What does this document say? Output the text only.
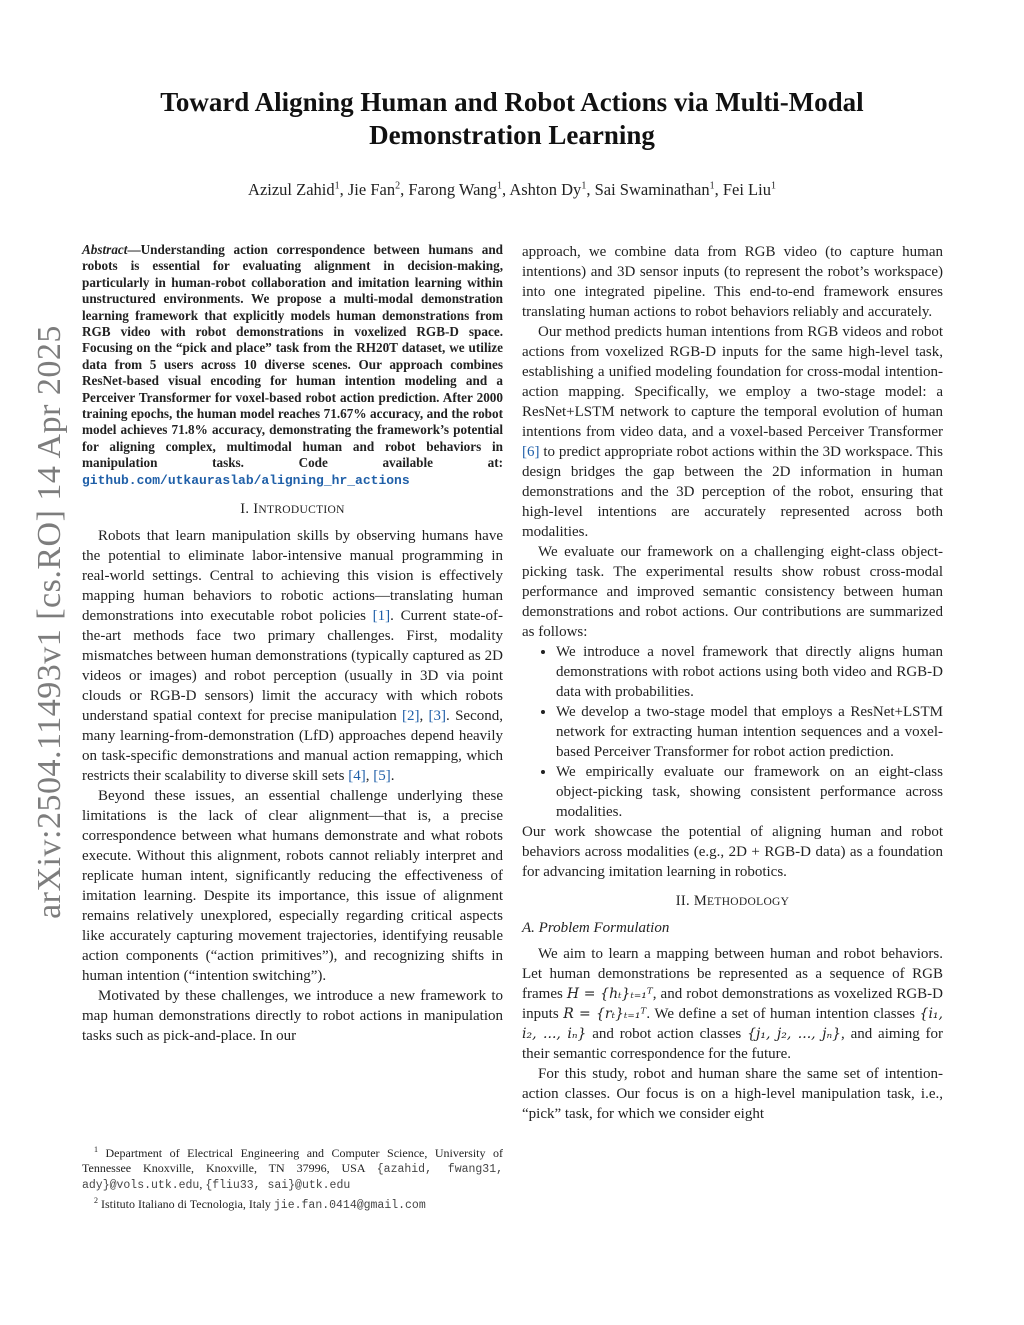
arXiv:2504.11493v1 [cs.RO] 14 Apr 2025
Toward Aligning Human and Robot Actions via Multi-Modal
Demonstration Learning
Azizul Zahid$^1$, Jie Fan$^2$, Farong Wang$^1$, Ashton Dy$^1$, Sai Swaminathan$^1$, Fei Liu$^1$

Abstract—Understanding action correspondence between humans and robots is essential for evaluating alignment in decision-making, particularly in human-robot collaboration and imitation learning within unstructured environments. We propose a multi-modal demonstration learning framework that explicitly models human demonstrations from RGB video with robot demonstrations in voxelized RGB-D space. Focusing on the “pick and place” task from the RH20T dataset, we utilize data from 5 users across 10 diverse scenes. Our approach combines ResNet-based visual encoding for human intention modeling and a Perceiver Transformer for voxel-based robot action prediction. After 2000 training epochs, the human model reaches 71.67% accuracy, and the robot model achieves 71.8% accuracy, demonstrating the framework’s potential for aligning complex, multimodal human and robot behaviors in manipulation tasks. Code available at: github.com/utkauraslab/aligning_hr_actions

I. INTRODUCTION

Robots that learn manipulation skills by observing humans have the potential to eliminate labor-intensive manual programming in real-world settings. Central to achieving this vision is effectively mapping human behaviors to robotic actions—translating human demonstrations into executable robot policies [1]. Current state-of-the-art methods face two primary challenges. First, modality mismatches between human demonstrations (typically captured as 2D videos or images) and robot perception (usually in 3D via point clouds or RGB-D sensors) limit the accuracy with which robots understand spatial context for precise manipulation [2], [3]. Second, many learning-from-demonstration (LfD) approaches depend heavily on task-specific demonstrations and manual action remapping, which restricts their scalability to diverse skill sets [4], [5].

Beyond these issues, an essential challenge underlying these limitations is the lack of clear alignment—that is, a precise correspondence between what humans demonstrate and what robots execute. Without this alignment, robots cannot reliably interpret and replicate human intent, significantly reducing the effectiveness of imitation learning. Despite its importance, this issue of alignment remains relatively unexplored, especially regarding critical aspects like accurately capturing movement trajectories, identifying reusable action components (“action primitives”), and recognizing shifts in human intention (“intention switching”).

Motivated by these challenges, we introduce a new framework to map human demonstrations directly to robot actions in manipulation tasks such as pick-and-place. In our

$^1$ Department of Electrical Engineering and Computer Science, University of Tennessee Knoxville, Knoxville, TN 37996, USA {azahid, fwang31, ady}@vols.utk.edu, {fliu33, sai}@utk.edu

$^2$ Istituto Italiano di Tecnologia, Italy jie.fan.0414@gmail.com

approach, we combine data from RGB video (to capture human intentions) and 3D sensor inputs (to represent the robot’s workspace) into one integrated pipeline. This end-to-end framework ensures translating human actions to robot behaviors reliably and accurately.

Our method predicts human intentions from RGB videos and robot actions from voxelized RGB-D inputs for the same high-level task, establishing a unified modeling foundation for cross-modal intention-action mapping. Specifically, we employ a two-stage model: a ResNet+LSTM network to capture the temporal evolution of human intentions from video data, and a voxel-based Perceiver Transformer [6] to predict appropriate robot actions within the 3D workspace. This design bridges the gap between the 2D information in human demonstrations and the 3D perception of the robot, ensuring that high-level intentions are accurately represented across both modalities.

We evaluate our framework on a challenging eight-class object-picking task. The experimental results show robust cross-modal performance and improved semantic consistency between human demonstrations and robot actions. Our contributions are summarized as follows:

• We introduce a novel framework that directly aligns human demonstrations with robot actions using both video and RGB-D data with probabilities.
• We develop a two-stage model that employs a ResNet+LSTM network for extracting human intention sequences and a voxel-based Perceiver Transformer for robot action prediction.
• We empirically evaluate our framework on an eight-class object-picking task, showing consistent performance across modalities.

Our work showcase the potential of aligning human and robot behaviors across modalities (e.g., 2D + RGB-D data) as a foundation for advancing imitation learning in robotics.

II. METHODOLOGY
A. Problem Formulation

We aim to learn a mapping between human and robot behaviors. Let human demonstrations be represented as a sequence of RGB frames H = {hₜ}ₜ₌₁ᵀ, and robot demonstrations as voxelized RGB-D inputs R = {rₜ}ₜ₌₁ᵀ. We define a set of human intention classes {i₁, i₂, ..., iₙ} and robot action classes {j₁, j₂, ..., jₙ}, and aiming for their semantic correspondence for the future.

For this study, robot and human share the same set of intention-action classes. Our focus is on a high-level manipulation task, i.e., “pick” task, for which we consider eight
